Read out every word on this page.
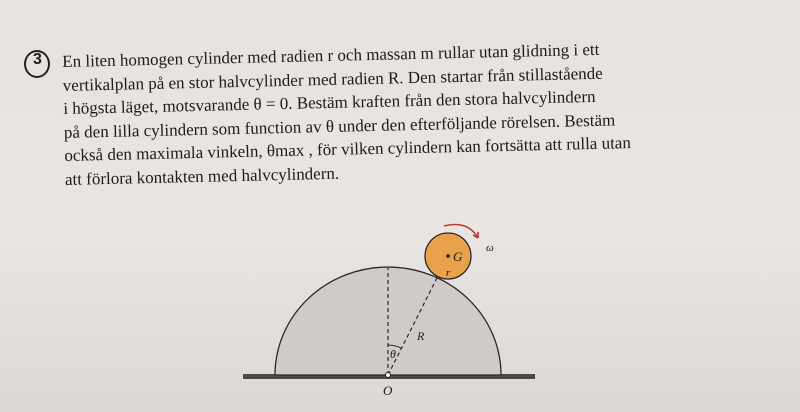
3 En liten homogen cylinder med radien r och massan m rullar utan glidning i ett
vertikalplan på en stor halvcylinder med radien R. Den startar från stillastående
i högsta läget, motsvarande θ = 0. Bestäm kraften från den stora halvcylindern
på den lilla cylindern som function av θ under den efterföljande rörelsen. Bestäm
också den maximala vinkeln, θmax , för vilken cylindern kan fortsätta att rulla utan
att förlora kontakten med halvcylindern.
G
r
ω
R
θ
O
